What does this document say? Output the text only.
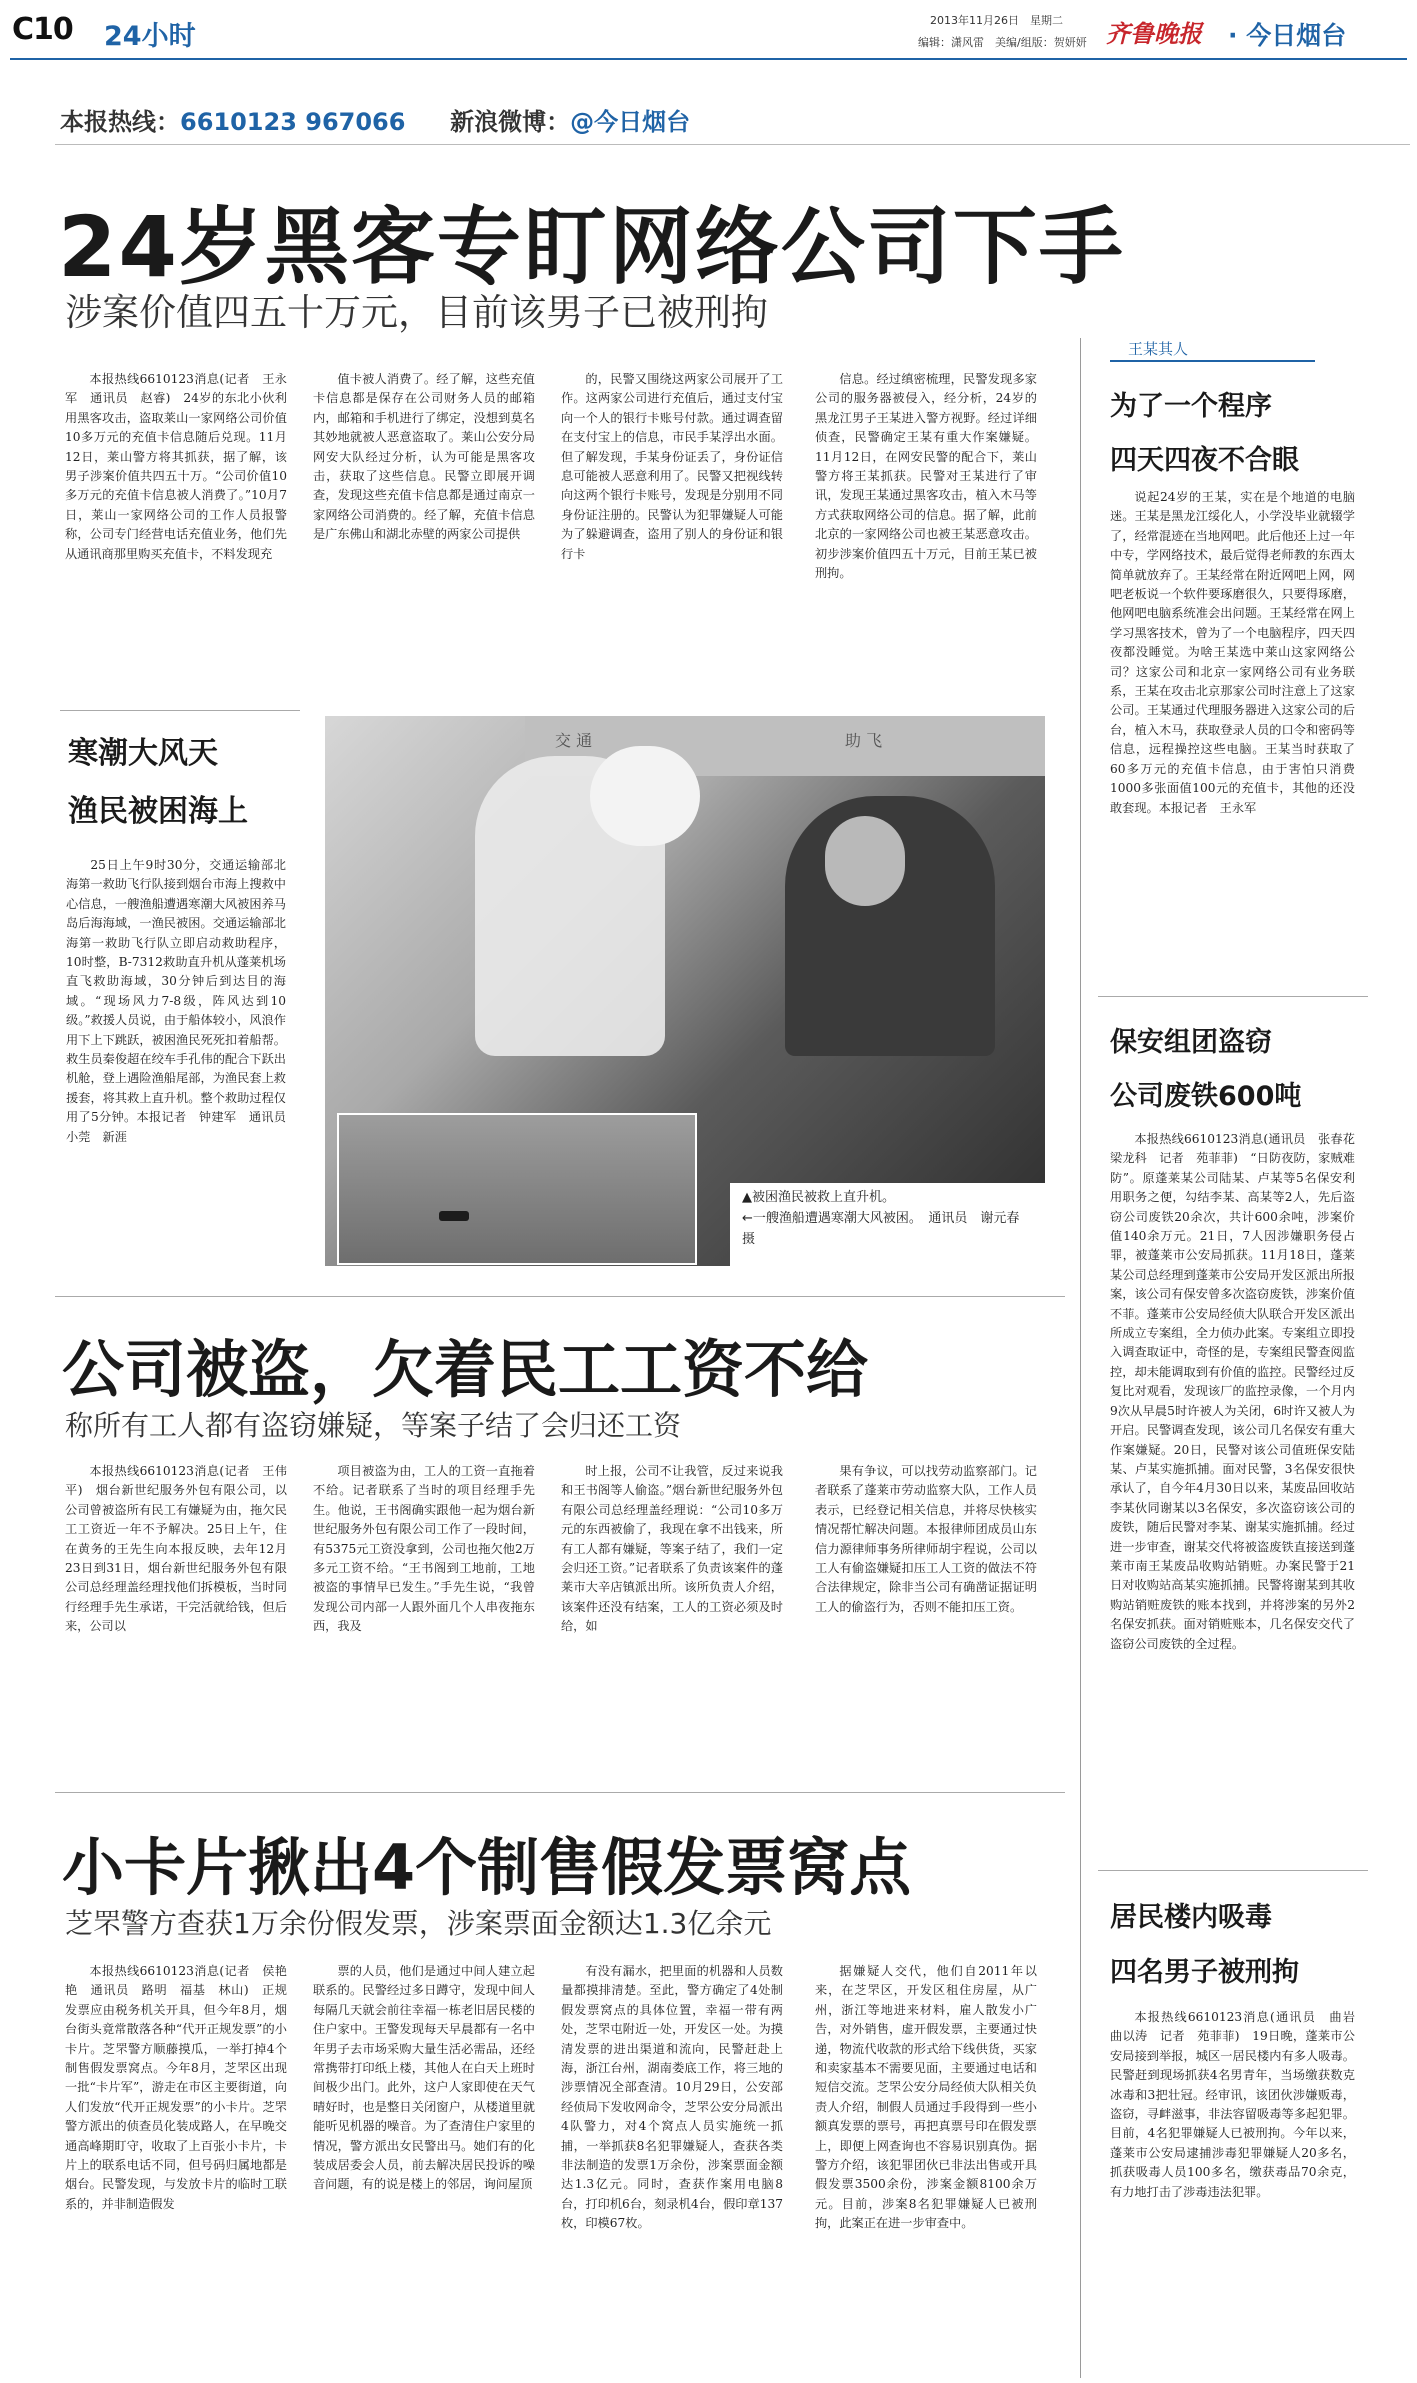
C10 24小时
2013年11月26日　星期二
编辑：潇风雷　美编/组版：贺妍妍 齐鲁晚报 · 今日烟台
本报热线：6610123 967066 新浪微博：@今日烟台
24岁黑客专盯网络公司下手
涉案价值四五十万元，目前该男子已被刑拘

本报热线6610123消息(记者　王永军　通讯员　赵睿)　24岁的东北小伙利用黑客攻击，盗取莱山一家网络公司价值10多万元的充值卡信息随后兑现。11月12日，莱山警方将其抓获，据了解，该男子涉案价值共四五十万。“公司价值10多万元的充值卡信息被人消费了。”10月7日，莱山一家网络公司的工作人员报警称，公司专门经营电话充值业务，他们先从通讯商那里购买充值卡，不料发现充

值卡被人消费了。经了解，这些充值卡信息都是保存在公司财务人员的邮箱内，邮箱和手机进行了绑定，没想到莫名其妙地就被人恶意盗取了。莱山公安分局网安大队经过分析，认为可能是黑客攻击，获取了这些信息。民警立即展开调查，发现这些充值卡信息都是通过南京一家网络公司消费的。经了解，充值卡信息是广东佛山和湖北赤壁的两家公司提供

的，民警又围绕这两家公司展开了工作。这两家公司进行充值后，通过支付宝向一个人的银行卡账号付款。通过调查留在支付宝上的信息，市民手某浮出水面。但了解发现，手某身份证丢了，身份证信息可能被人恶意利用了。民警又把视线转向这两个银行卡账号，发现是分别用不同身份证注册的。民警认为犯罪嫌疑人可能为了躲避调查，盗用了别人的身份证和银行卡

信息。经过缜密梳理，民警发现多家公司的服务器被侵入，经分析，24岁的黑龙江男子王某进入警方视野。经过详细侦查，民警确定王某有重大作案嫌疑。11月12日，在网安民警的配合下，莱山警方将王某抓获。民警对王某进行了审讯，发现王某通过黑客攻击，植入木马等方式获取网络公司的信息。据了解，此前北京的一家网络公司也被王某恶意攻击。初步涉案价值四五十万元，目前王某已被刑拘。

王某其人
为了一个程序
四天四夜不合眼

说起24岁的王某，实在是个地道的电脑迷。王某是黑龙江绥化人，小学没毕业就辍学了，经常混迹在当地网吧。此后他还上过一年中专，学网络技术，最后觉得老师教的东西太简单就放弃了。王某经常在附近网吧上网，网吧老板说一个软件要琢磨很久，只要得琢磨，他网吧电脑系统准会出问题。王某经常在网上学习黑客技术，曾为了一个电脑程序，四天四夜都没睡觉。为啥王某选中莱山这家网络公司？这家公司和北京一家网络公司有业务联系，王某在攻击北京那家公司时注意上了这家公司。王某通过代理服务器进入这家公司的后台，植入木马，获取登录人员的口令和密码等信息，远程操控这些电脑。王某当时获取了60多万元的充值卡信息，由于害怕只消费1000多张面值100元的充值卡，其他的还没敢套现。本报记者　王永军

寒潮大风天
渔民被困海上

25日上午9时30分，交通运输部北海第一救助飞行队接到烟台市海上搜救中心信息，一艘渔船遭遇寒潮大风被困养马岛后海海域，一渔民被困。交通运输部北海第一救助飞行队立即启动救助程序，10时整，B-7312救助直升机从蓬莱机场直飞救助海域，30分钟后到达目的海域。“现场风力7-8级，阵风达到10级。”救援人员说，由于船体较小，风浪作用下上下跳跃，被困渔民死死扣着船帮。救生员秦俊超在绞车手孔伟的配合下跃出机舱，登上遇险渔船尾部，为渔民套上救援套，将其救上直升机。整个救助过程仅用了5分钟。本报记者　钟建军　通讯员　小莞　新涯

交 通	助 飞
▲被困渔民被救上直升机。
←一艘渔船遭遇寒潮大风被困。　通讯员　谢元春　摄
保安组团盗窃
公司废铁600吨

本报热线6610123消息(通讯员　张春花　梁龙科　记者　苑菲菲)　“日防夜防，家贼难防”。原蓬莱某公司陆某、卢某等5名保安利用职务之便，勾结李某、高某等2人，先后盗窃公司废铁20余次，共计600余吨，涉案价值140余万元。21日，7人因涉嫌职务侵占罪，被蓬莱市公安局抓获。11月18日，蓬莱某公司总经理到蓬莱市公安局开发区派出所报案，该公司有保安曾多次盗窃废铁，涉案价值不菲。蓬莱市公安局经侦大队联合开发区派出所成立专案组，全力侦办此案。专案组立即投入调查取证中，奇怪的是，专案组民警查阅监控，却未能调取到有价值的监控。民警经过反复比对观看，发现该厂的监控录像，一个月内9次从早晨5时许被人为关闭，6时许又被人为开启。民警调查发现，该公司几名保安有重大作案嫌疑。20日，民警对该公司值班保安陆某、卢某实施抓捕。面对民警，3名保安很快承认了，自今年4月30日以来，某废品回收站李某伙同谢某以3名保安，多次盗窃该公司的废铁，随后民警对李某、谢某实施抓捕。经过进一步审查，谢某交代将被盗废铁直接送到蓬莱市南王某废品收购站销赃。办案民警于21日对收购站高某实施抓捕。民警将谢某到其收购站销赃废铁的账本找到，并将涉案的另外2名保安抓获。面对销赃账本，几名保安交代了盗窃公司废铁的全过程。

公司被盗，欠着民工工资不给
称所有工人都有盗窃嫌疑，等案子结了会归还工资

本报热线6610123消息(记者　王伟平)　烟台新世纪服务外包有限公司，以公司曾被盗所有民工有嫌疑为由，拖欠民工工资近一年不予解决。25日上午，住在黄务的王先生向本报反映，去年12月23日到31日，烟台新世纪服务外包有限公司总经理盖经理找他们拆模板，当时同行经理手先生承诺，干完活就给钱，但后来，公司以

项目被盗为由，工人的工资一直拖着不给。记者联系了当时的项目经理手先生。他说，王书阁确实跟他一起为烟台新世纪服务外包有限公司工作了一段时间，有5375元工资没拿到，公司也拖欠他2万多元工资不给。“王书阁到工地前，工地被盗的事情早已发生。”手先生说，“我曾发现公司内部一人跟外面几个人串夜拖东西，我及

时上报，公司不让我管，反过来说我和王书阁等人偷盗。”烟台新世纪服务外包有限公司总经理盖经理说：“公司10多万元的东西被偷了，我现在拿不出钱来，所有工人都有嫌疑，等案子结了，我们一定会归还工资。”记者联系了负责该案件的蓬莱市大辛店镇派出所。该所负责人介绍，该案件还没有结案，工人的工资必须及时给，如

果有争议，可以找劳动监察部门。记者联系了蓬莱市劳动监察大队，工作人员表示，已经登记相关信息，并将尽快核实情况帮忙解决问题。本报律师团成员山东信力源律师事务所律师胡宇程说，公司以工人有偷盗嫌疑扣压工人工资的做法不符合法律规定，除非当公司有确凿证据证明工人的偷盗行为，否则不能扣压工资。

小卡片揪出4个制售假发票窝点
芝罘警方查获1万余份假发票，涉案票面金额达1.3亿余元

本报热线6610123消息(记者　侯艳艳　通讯员　路明　福基　林山)　正规发票应由税务机关开具，但今年8月，烟台街头竟常散落各种“代开正规发票”的小卡片。芝罘警方顺藤摸瓜，一举打掉4个制售假发票窝点。今年8月，芝罘区出现一批“卡片军”，游走在市区主要街道，向人们发放“代开正规发票”的小卡片。芝罘警方派出的侦查员化装成路人，在早晚交通高峰期盯守，收取了上百张小卡片，卡片上的联系电话不同，但号码归属地都是烟台。民警发现，与发放卡片的临时工联系的，并非制造假发

票的人员，他们是通过中间人建立起联系的。民警经过多日蹲守，发现中间人每隔几天就会前往幸福一栋老旧居民楼的住户家中。王警发现每天早晨都有一名中年男子去市场采购大量生活必需品，还经常携带打印纸上楼，其他人在白天上班时间极少出门。此外，这户人家即使在天气晴好时，也是整日关闭窗户，从楼道里就能听见机器的噪音。为了查清住户家里的情况，警方派出女民警出马。她们有的化装成居委会人员，前去解决居民投诉的噪音问题，有的说是楼上的邻居，询问屋顶

有没有漏水，把里面的机器和人员数量都摸排清楚。至此，警方确定了4处制假发票窝点的具体位置，幸福一带有两处，芝罘屯附近一处，开发区一处。为摸清发票的进出渠道和流向，民警赶赴上海，浙江台州，湖南娄底工作，将三地的涉票情况全部查清。10月29日，公安部经侦局下发收网命令，芝罘公安分局派出4队警力，对4个窝点人员实施统一抓捕，一举抓获8名犯罪嫌疑人，查获各类非法制造的发票1万余份，涉案票面金额达1.3亿元。同时，查获作案用电脑8台，打印机6台，刻录机4台，假印章137枚，印模67枚。

据嫌疑人交代，他们自2011年以来，在芝罘区，开发区租住房屋，从广州，浙江等地进来材料，雇人散发小广告，对外销售，虚开假发票，主要通过快递，物流代收款的形式给下线供货，买家和卖家基本不需要见面，主要通过电话和短信交流。芝罘公安分局经侦大队相关负责人介绍，制假人员通过手段得到一些小额真发票的票号，再把真票号印在假发票上，即便上网查询也不容易识别真伪。据警方介绍，该犯罪团伙已非法出售或开具假发票3500余份，涉案金额8100余万元。目前，涉案8名犯罪嫌疑人已被刑拘，此案正在进一步审查中。

居民楼内吸毒
四名男子被刑拘

本报热线6610123消息(通讯员　曲岩　曲以涛　记者　苑菲菲)　19日晚，蓬莱市公安局接到举报，城区一居民楼内有多人吸毒。民警赶到现场抓获4名男青年，当场缴获数克冰毒和3把壮冠。经审讯，该团伙涉嫌贩毒，盗窃，寻衅滋事，非法容留吸毒等多起犯罪。目前，4名犯罪嫌疑人已被刑拘。今年以来，蓬莱市公安局逮捕涉毒犯罪嫌疑人20多名，抓获吸毒人员100多名，缴获毒品70余克，有力地打击了涉毒违法犯罪。
